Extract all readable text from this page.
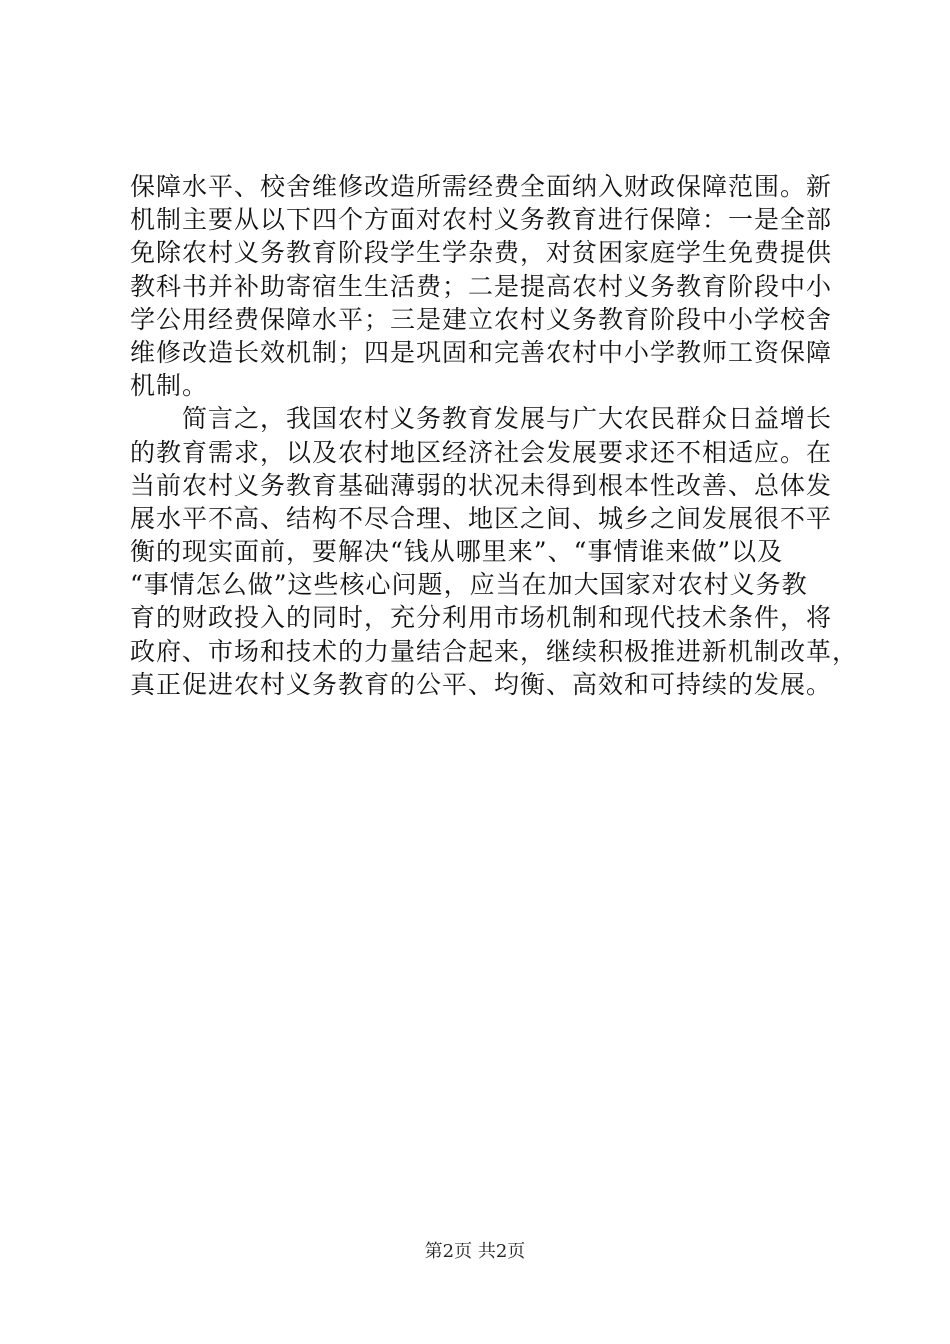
保障水平、校舍维修改造所需经费全面纳入财政保障范围。新
机制主要从以下四个方面对农村义务教育进行保障：一是全部
免除农村义务教育阶段学生学杂费，对贫困家庭学生免费提供
教科书并补助寄宿生生活费；二是提高农村义务教育阶段中小
学公用经费保障水平；三是建立农村义务教育阶段中小学校舍
维修改造长效机制；四是巩固和完善农村中小学教师工资保障
机制。
　　简言之，我国农村义务教育发展与广大农民群众日益增长
的教育需求，以及农村地区经济社会发展要求还不相适应。在
当前农村义务教育基础薄弱的状况未得到根本性改善、总体发
展水平不高、结构不尽合理、地区之间、城乡之间发展很不平
衡的现实面前，要解决“钱从哪里来”、“事情谁来做”以及
“事情怎么做”这些核心问题，应当在加大国家对农村义务教
育的财政投入的同时，充分利用市场机制和现代技术条件，将
政府、市场和技术的力量结合起来，继续积极推进新机制改革，
真正促进农村义务教育的公平、均衡、高效和可持续的发展。
第2页 共2页
